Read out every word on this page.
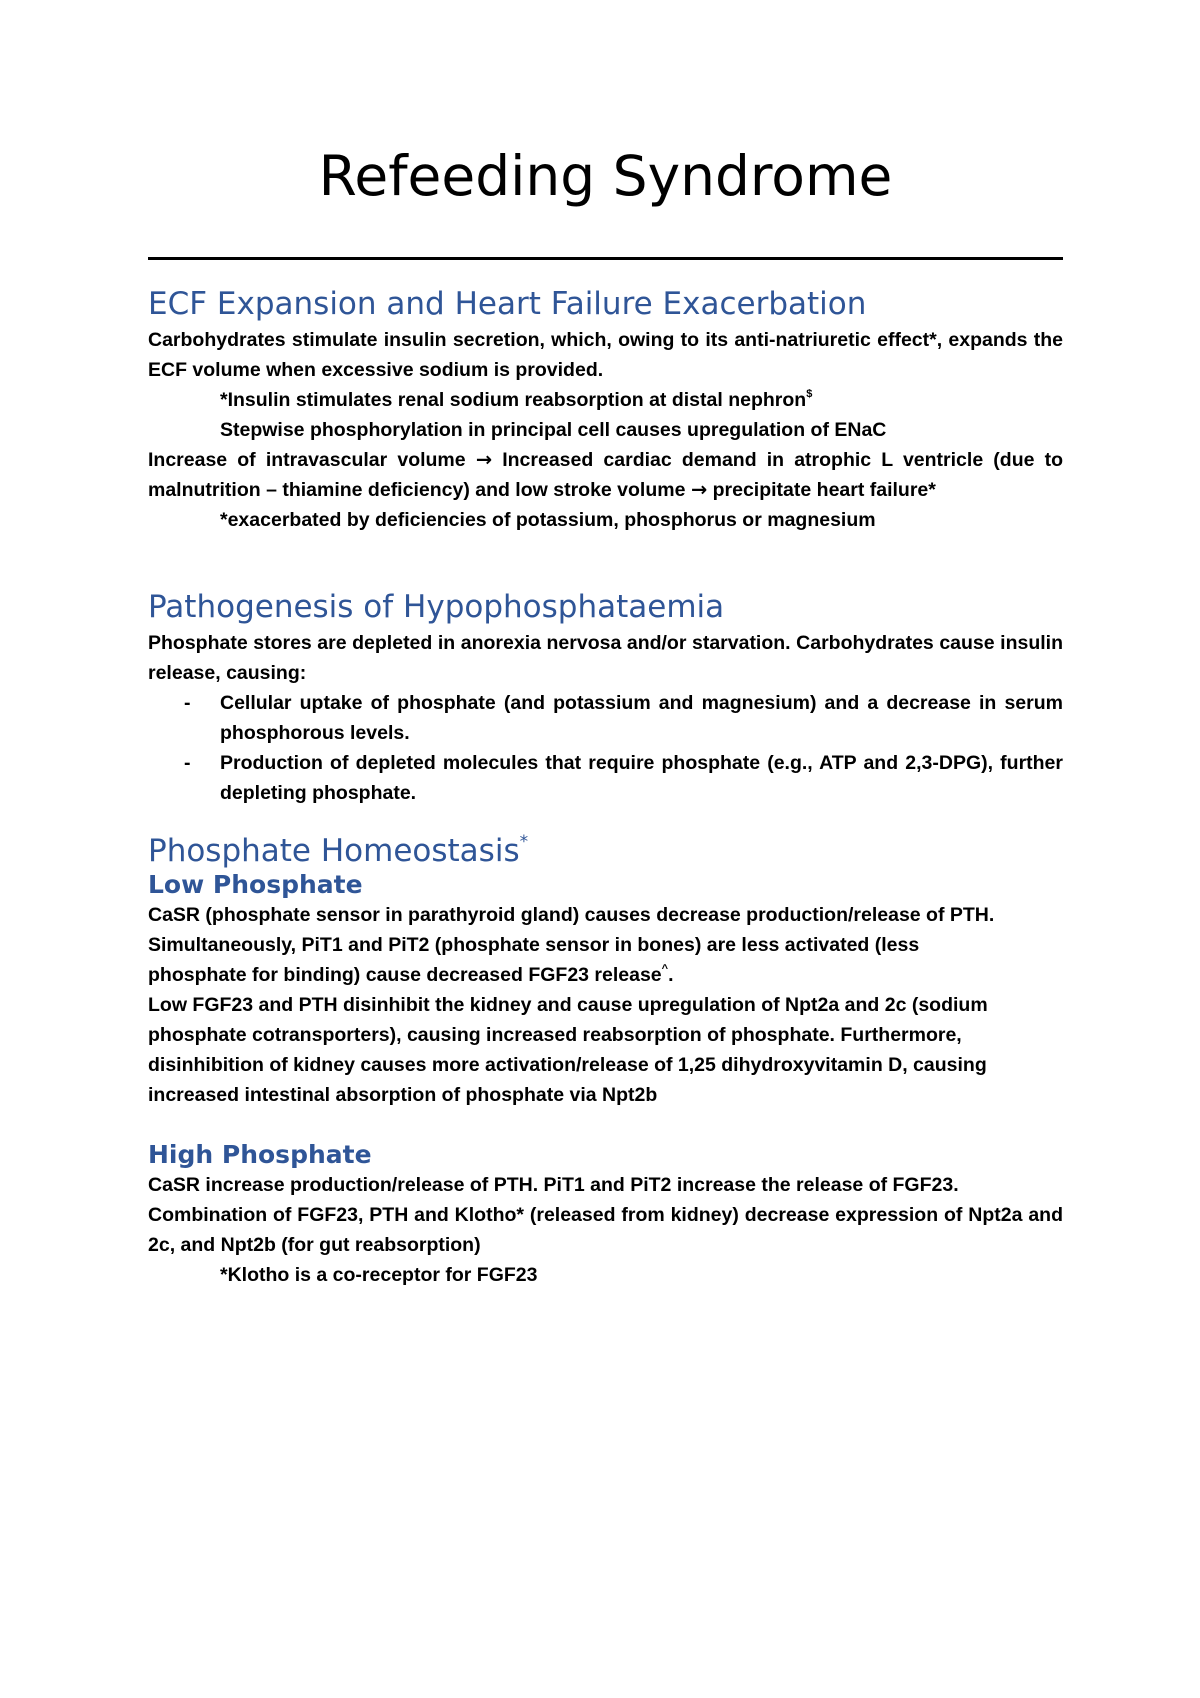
Refeeding Syndrome
ECF Expansion and Heart Failure Exacerbation

Carbohydrates stimulate insulin secretion, which, owing to its anti-natriuretic effect*, expands the ECF volume when excessive sodium is provided.

*Insulin stimulates renal sodium reabsorption at distal nephron$

Stepwise phosphorylation in principal cell causes upregulation of ENaC

Increase of intravascular volume → Increased cardiac demand in atrophic L ventricle (due to malnutrition – thiamine deficiency) and low stroke volume → precipitate heart failure*

*exacerbated by deficiencies of potassium, phosphorus or magnesium

Pathogenesis of Hypophosphataemia

Phosphate stores are depleted in anorexia nervosa and/or starvation. Carbohydrates cause insulin release, causing:

- Cellular uptake of phosphate (and potassium and magnesium) and a decrease in serum phosphorous levels.
- Production of depleted molecules that require phosphate (e.g., ATP and 2,3-DPG), further depleting phosphate.
Phosphate Homeostasis*
Low Phosphate

CaSR (phosphate sensor in parathyroid gland) causes decrease production/release of PTH.

Simultaneously, PiT1 and PiT2 (phosphate sensor in bones) are less activated (less

phosphate for binding) cause decreased FGF23 release^.

Low FGF23 and PTH disinhibit the kidney and cause upregulation of Npt2a and 2c (sodium phosphate cotransporters), causing increased reabsorption of phosphate. Furthermore, disinhibition of kidney causes more activation/release of 1,25 dihydroxyvitamin D, causing increased intestinal absorption of phosphate via Npt2b

High Phosphate

CaSR increase production/release of PTH. PiT1 and PiT2 increase the release of FGF23.

Combination of FGF23, PTH and Klotho* (released from kidney) decrease expression of Npt2a and 2c, and Npt2b (for gut reabsorption)

*Klotho is a co-receptor for FGF23
